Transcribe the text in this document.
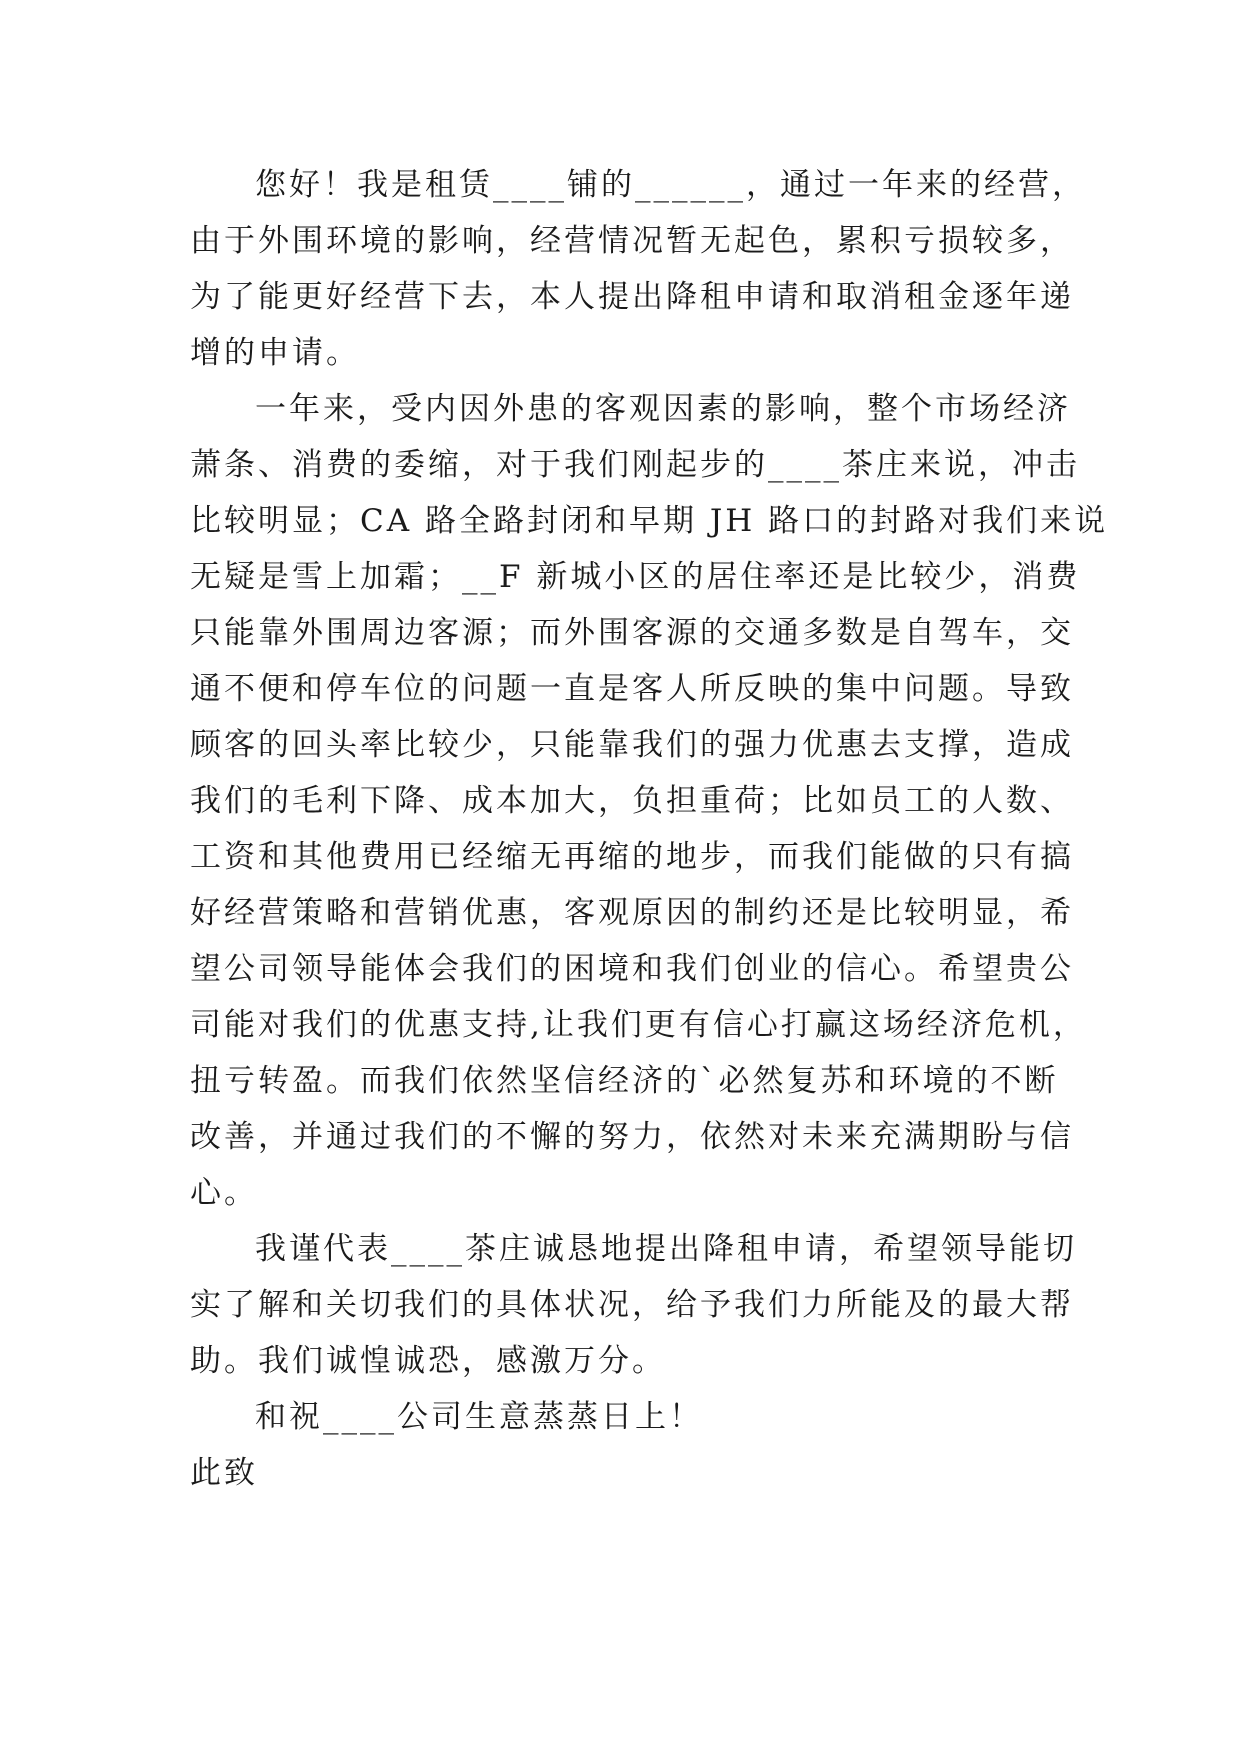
您好！我是租赁____铺的______，通过一年来的经营，
由于外围环境的影响，经营情况暂无起色，累积亏损较多，
为了能更好经营下去，本人提出降租申请和取消租金逐年递
增的申请。
一年来，受内因外患的客观因素的影响，整个市场经济
萧条、消费的委缩，对于我们刚起步的____茶庄来说，冲击
比较明显；CA 路全路封闭和早期 JH 路口的封路对我们来说
无疑是雪上加霜；__F 新城小区的居住率还是比较少，消费
只能靠外围周边客源；而外围客源的交通多数是自驾车，交
通不便和停车位的问题一直是客人所反映的集中问题。导致
顾客的回头率比较少，只能靠我们的强力优惠去支撑，造成
我们的毛利下降、成本加大，负担重荷；比如员工的人数、
工资和其他费用已经缩无再缩的地步，而我们能做的只有搞
好经营策略和营销优惠，客观原因的制约还是比较明显，希
望公司领导能体会我们的困境和我们创业的信心。希望贵公
司能对我们的优惠支持,让我们更有信心打赢这场经济危机，
扭亏转盈。而我们依然坚信经济的`必然复苏和环境的不断
改善，并通过我们的不懈的努力，依然对未来充满期盼与信
心。
我谨代表____茶庄诚恳地提出降租申请，希望领导能切
实了解和关切我们的具体状况，给予我们力所能及的最大帮
助。我们诚惶诚恐，感激万分。
和祝____公司生意蒸蒸日上！
此致
